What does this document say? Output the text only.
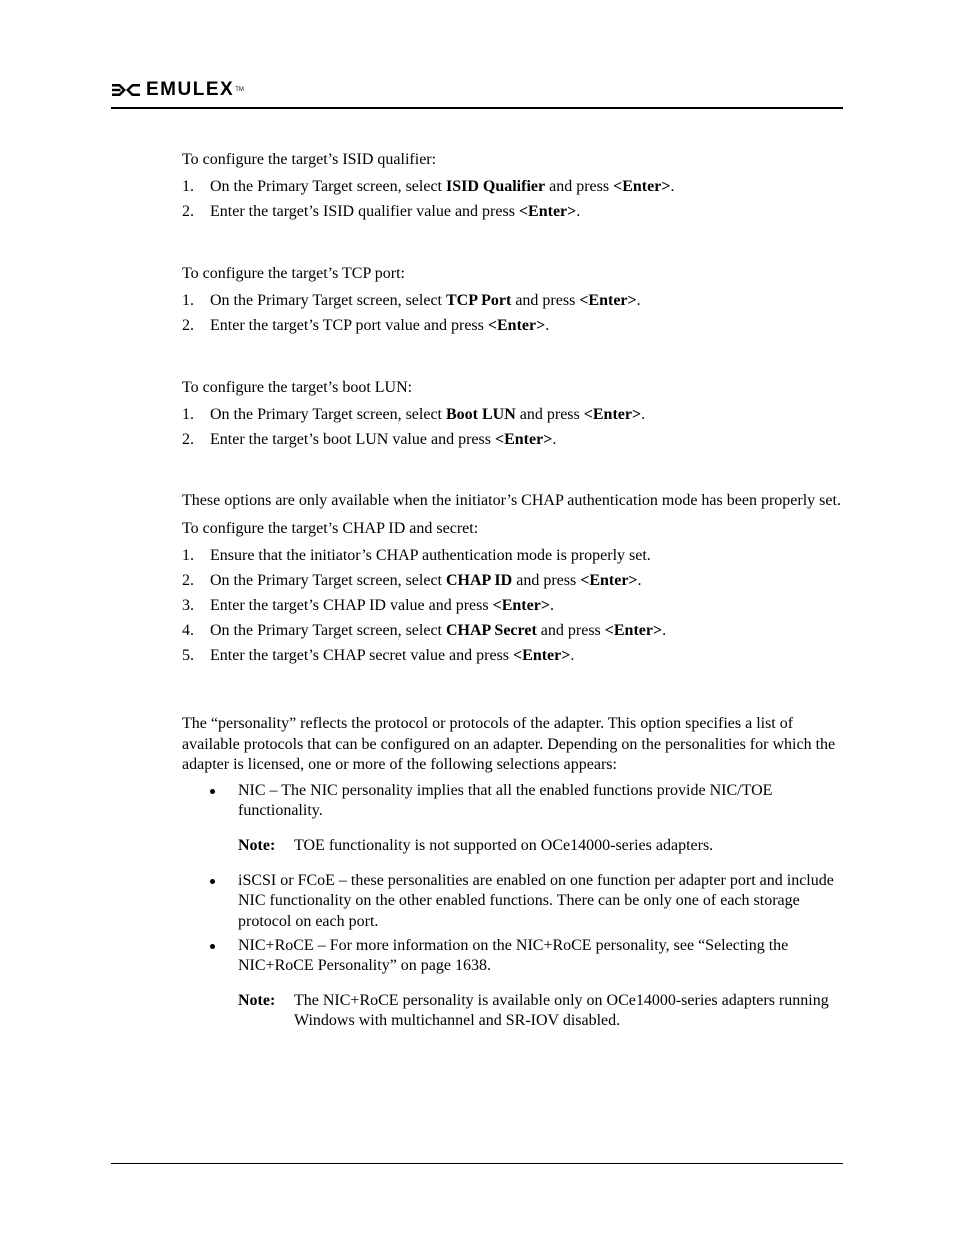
EMULEX TM

To configure the target’s ISID qualifier:

1. On the Primary Target screen, select ISID Qualifier and press <Enter>.
2. Enter the target’s ISID qualifier value and press <Enter>.

To configure the target’s TCP port:

1. On the Primary Target screen, select TCP Port and press <Enter>.
2. Enter the target’s TCP port value and press <Enter>.

To configure the target’s boot LUN:

1. On the Primary Target screen, select Boot LUN and press <Enter>.
2. Enter the target’s boot LUN value and press <Enter>.

These options are only available when the initiator’s CHAP authentication mode has been properly set.

To configure the target’s CHAP ID and secret:

1. Ensure that the initiator’s CHAP authentication mode is properly set.
2. On the Primary Target screen, select CHAP ID and press <Enter>.
3. Enter the target’s CHAP ID value and press <Enter>.
4. On the Primary Target screen, select CHAP Secret and press <Enter>.
5. Enter the target’s CHAP secret value and press <Enter>.

The “personality” reflects the protocol or protocols of the adapter. This option specifies a list of available protocols that can be configured on an adapter. Depending on the personalities for which the adapter is licensed, one or more of the following selections appears:

NIC – The NIC personality implies that all the enabled functions provide NIC/TOE functionality.
Note: TOE functionality is not supported on OCe14000-series adapters.
iSCSI or FCoE – these personalities are enabled on one function per adapter port and include NIC functionality on the other enabled functions. There can be only one of each storage protocol on each port.
NIC+RoCE – For more information on the NIC+RoCE personality, see “Selecting the NIC+RoCE Personality” on page 1638.
Note: The NIC+RoCE personality is available only on OCe14000-series adapters running Windows with multichannel and SR-IOV disabled.
